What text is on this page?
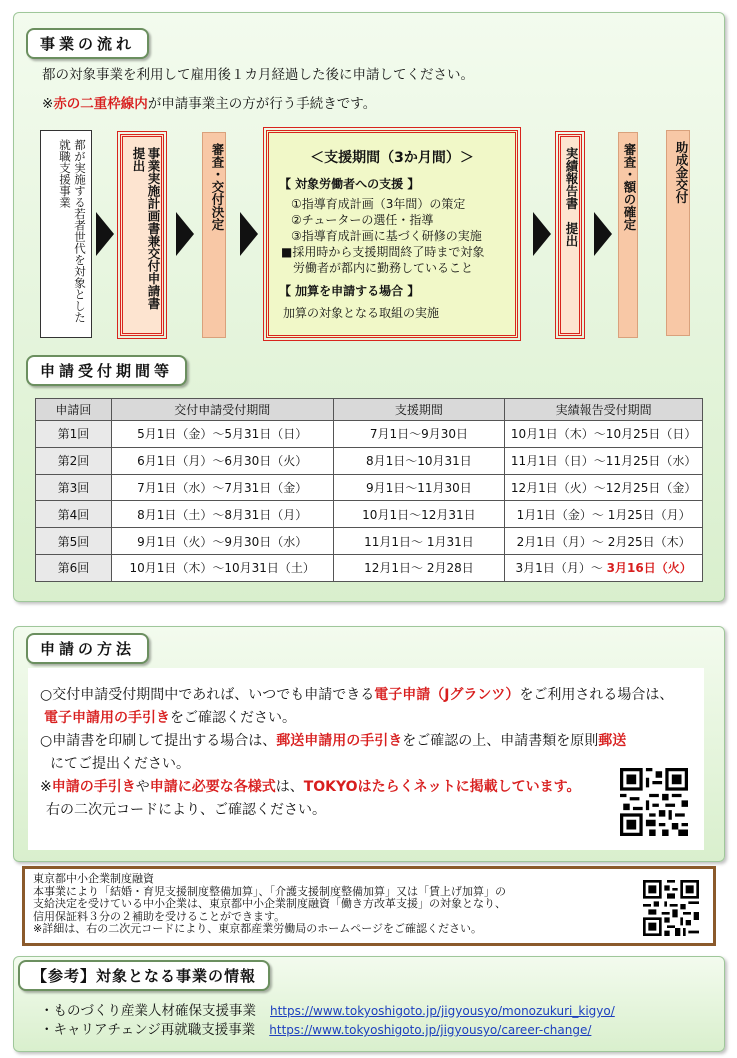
事業の流れ
都の対象事業を利用して雇用後１カ月経過した後に申請してください。
※赤の二重枠線内が申請事業主の方が行う手続きです。
都が実施する若者世代を対象とした就職支援事業	事業実施計画書兼交付申請書　提出	審査・交付決定	＜支援期間（3か月間）＞
【 対象労働者への支援 】
①指導育成計画（3年間）の策定
②チューターの選任・指導
③指導育成計画に基づく研修の実施
■採用時から支援期間終了時まで対象
　労働者が都内に勤務していること
【 加算を申請する場合 】
加算の対象となる取組の実施
実績報告書　提出	審査・額の確定	助成金交付
申請受付期間等
申請回	交付申請受付期間	支援期間	実績報告受付期間
第1回	5月1日（金）～5月31日（日）	7月1日～9月30日	10月1日（木）～10月25日（日）
第2回	6月1日（月）～6月30日（火）	8月1日～10月31日	11月1日（日）～11月25日（水）
第3回	7月1日（水）～7月31日（金）	9月1日～11月30日	12月1日（火）～12月25日（金）
第4回	8月1日（土）～8月31日（月）	10月1日～12月31日	1月1日（金）～ 1月25日（月）
第5回	9月1日（火）～9月30日（水）	11月1日～ 1月31日	2月1日（月）～ 2月25日（木）
第6回	10月1日（木）～10月31日（土）	12月1日～ 2月28日	3月1日（月）～ 3月16日（火）
申請の方法
○交付申請受付期間中であれば、いつでも申請できる電子申請（Jグランツ）をご利用される場合は、
電子申請用の手引きをご確認ください。
○申請書を印刷して提出する場合は、郵送申請用の手引きをご確認の上、申請書類を原則郵送
にてご提出ください。
※申請の手引きや申請に必要な各様式は、TOKYOはたらくネットに掲載しています。
右の二次元コードにより、ご確認ください。
東京都中小企業制度融資
本事業により「結婚・育児支援制度整備加算」、「介護支援制度整備加算」又は「賃上げ加算」の
支給決定を受けている中小企業は、東京都中小企業制度融資「働き方改革支援」の対象となり、
信用保証料３分の２補助を受けることができます。
※詳細は、右の二次元コードにより、東京都産業労働局のホームページをご確認ください。
【参考】対象となる事業の情報
・ものづくり産業人材確保支援事業 https://www.tokyoshigoto.jp/jigyousyo/monozukuri_kigyo/
・キャリアチェンジ再就職支援事業 https://www.tokyoshigoto.jp/jigyousyo/career-change/
